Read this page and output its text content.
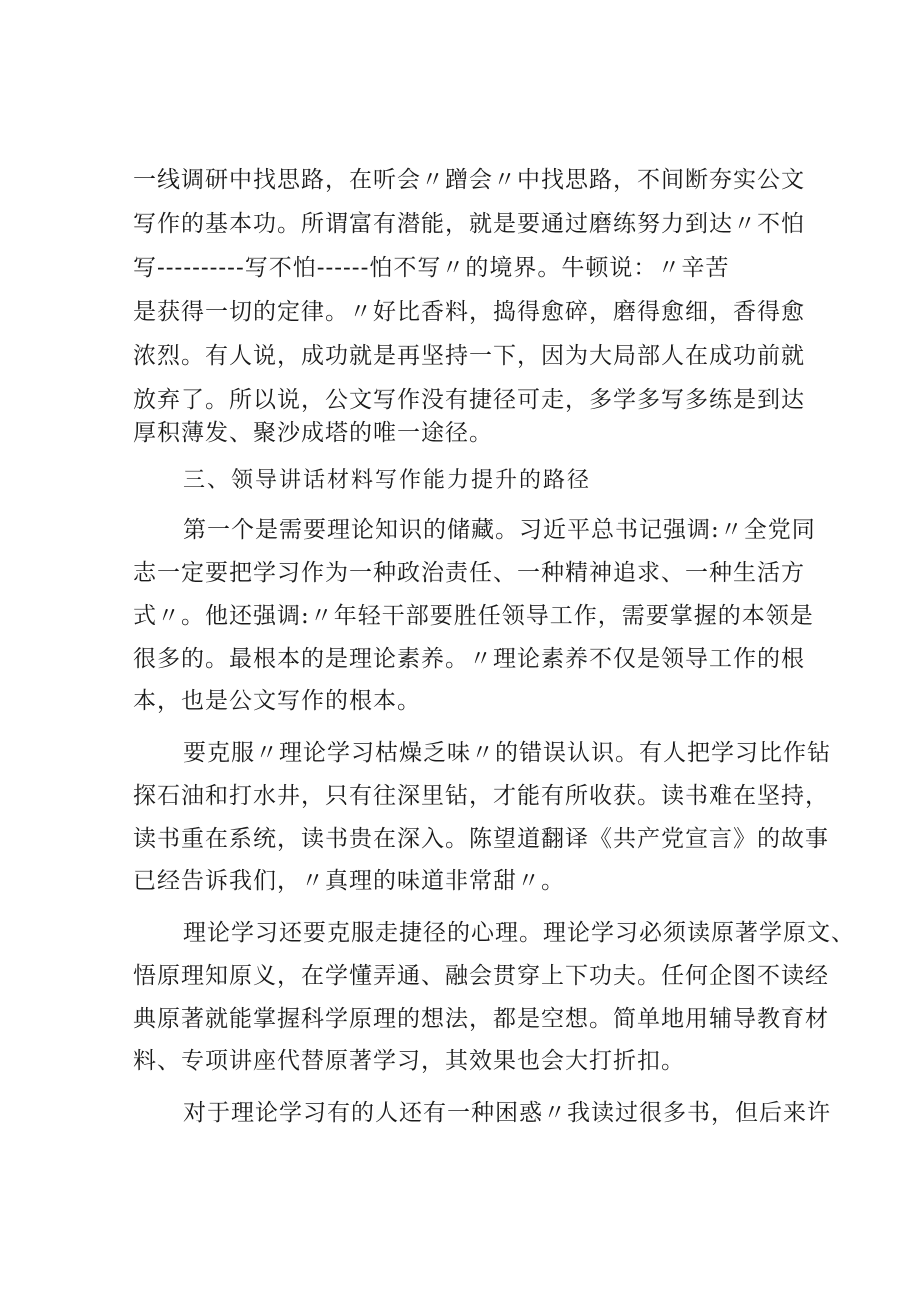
一线调研中找思路，在听会〃蹭会〃中找思路，不间断夯实公文
写作的基本功。所谓富有潜能，就是要通过磨练努力到达〃不怕
写----------写不怕------怕不写〃的境界。牛顿说：〃辛苦
是获得一切的定律。〃好比香料，捣得愈碎，磨得愈细，香得愈
浓烈。有人说，成功就是再坚持一下，因为大局部人在成功前就
放弃了。所以说，公文写作没有捷径可走，多学多写多练是到达
厚积薄发、聚沙成塔的唯一途径。
三、领导讲话材料写作能力提升的路径
第一个是需要理论知识的储藏。习近平总书记强调:〃全党同
志一定要把学习作为一种政治责任、一种精神追求、一种生活方
式〃。他还强调:〃年轻干部要胜任领导工作，需要掌握的本领是
很多的。最根本的是理论素养。〃理论素养不仅是领导工作的根
本，也是公文写作的根本。
要克服〃理论学习枯燥乏味〃的错误认识。有人把学习比作钻
探石油和打水井，只有往深里钻，才能有所收获。读书难在坚持，
读书重在系统，读书贵在深入。陈望道翻译《共产党宣言》的故事
已经告诉我们，〃真理的味道非常甜〃。
理论学习还要克服走捷径的心理。理论学习必须读原著学原文、
悟原理知原义，在学懂弄通、融会贯穿上下功夫。任何企图不读经
典原著就能掌握科学原理的想法，都是空想。简单地用辅导教育材
料、专项讲座代替原著学习，其效果也会大打折扣。
对于理论学习有的人还有一种困惑〃我读过很多书，但后来许
